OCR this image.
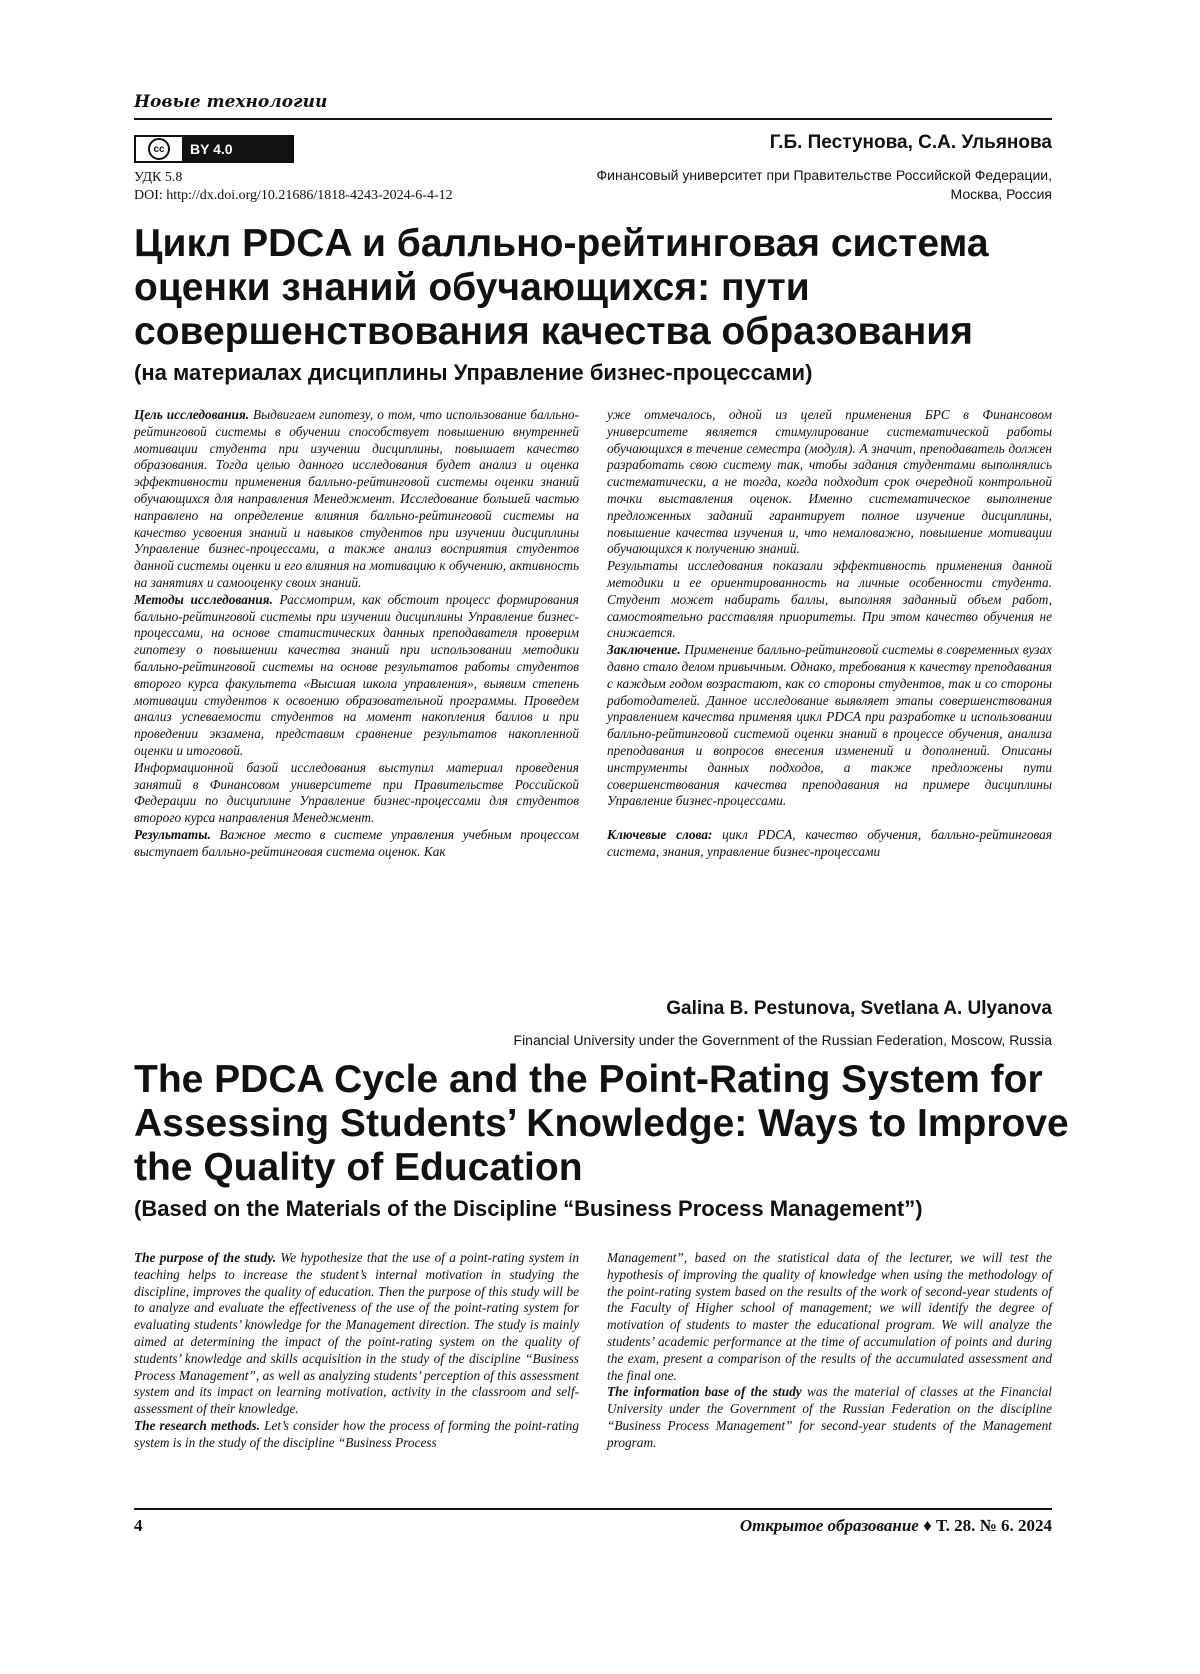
Новые технологии
cc	BY 4.0
УДК 5.8
DOI: http://dx.doi.org/10.21686/1818-4243-2024-6-4-12
Г.Б. Пестунова, С.А. Ульянова
Финансовый университет при Правительстве Российской Федерации,
Москва, Россия
Цикл PDCA и балльно-рейтинговая система оценки знаний обучающихся: пути совершенствования качества образования
(на материалах дисциплины Управление бизнес-процессами)

Цель исследования. Выдвигаем гипотезу, о том, что использование балльно-рейтинговой системы в обучении способствует повышению внутренней мотивации студента при изучении дисциплины, повышает качество образования. Тогда целью данного исследования будет анализ и оценка эффективности применения балльно-рейтинговой системы оценки знаний обучающихся для направления Менеджмент. Исследование большей частью направлено на определение влияния балльно-рейтинговой системы на качество усвоения знаний и навыков студентов при изучении дисциплины Управление бизнес-процессами, а также анализ восприятия студентов данной системы оценки и его влияния на мотивацию к обучению, активность на занятиях и самооценку своих знаний.

Методы исследования. Рассмотрим, как обстоит процесс формирования балльно-рейтинговой системы при изучении дисциплины Управление бизнес-процессами, на основе статистических данных преподавателя проверим гипотезу о повышении качества знаний при использовании методики балльно-рейтинговой системы на основе результатов работы студентов второго курса факультета «Высшая школа управления», выявим степень мотивации студентов к освоению образовательной программы. Проведем анализ успеваемости студентов на момент накопления баллов и при проведении экзамена, представим сравнение результатов накопленной оценки и итоговой.

Информационной базой исследования выступил материал проведения занятий в Финансовом университете при Правительстве Российской Федерации по дисциплине Управление бизнес-процессами для студентов второго курса направления Менеджмент.

Результаты. Важное место в системе управления учебным процессом выступает балльно-рейтинговая система оценок. Как

уже отмечалось, одной из целей применения БРС в Финансовом университете является стимулирование систематической работы обучающихся в течение семестра (модуля). А значит, преподаватель должен разработать свою систему так, чтобы задания студентами выполнялись систематически, а не тогда, когда подходит срок очередной контрольной точки выставления оценок. Именно систематическое выполнение предложенных заданий гарантирует полное изучение дисциплины, повышение качества изучения и, что немаловажно, повышение мотивации обучающихся к получению знаний.

Результаты исследования показали эффективность применения данной методики и ее ориентированность на личные особенности студента. Студент может набирать баллы, выполняя заданный объем работ, самостоятельно расставляя приоритеты. При этом качество обучения не снижается.

Заключение. Применение балльно-рейтинговой системы в современных вузах давно стало делом привычным. Однако, требования к качеству преподавания с каждым годом возрастают, как со стороны студентов, так и со стороны работодателей. Данное исследование выявляет этапы совершенствования управлением качества применяя цикл PDCA при разработке и использовании балльно-рейтинговой системой оценки знаний в процессе обучения, анализа преподавания и вопросов внесения изменений и дополнений. Описаны инструменты данных подходов, а также предложены пути совершенствования качества преподавания на примере дисциплины Управление бизнес-процессами.

Ключевые слова: цикл PDCA, качество обучения, балльно-рейтинговая система, знания, управление бизнес-процессами

Galina B. Pestunova, Svetlana A. Ulyanova
Financial University under the Government of the Russian Federation, Moscow, Russia
The PDCA Cycle and the Point-Rating System for Assessing Students’ Knowledge: Ways to Improve the Quality of Education
(Based on the Materials of the Discipline “Business Process Management”)

The purpose of the study. We hypothesize that the use of a point-rating system in teaching helps to increase the student’s internal motivation in studying the discipline, improves the quality of education. Then the purpose of this study will be to analyze and evaluate the effectiveness of the use of the point-rating system for evaluating students’ knowledge for the Management direction. The study is mainly aimed at determining the impact of the point-rating system on the quality of students’ knowledge and skills acquisition in the study of the discipline “Business Process Management”, as well as analyzing students’ perception of this assessment system and its impact on learning motivation, activity in the classroom and self-assessment of their knowledge.

The research methods. Let’s consider how the process of forming the point-rating system is in the study of the discipline “Business Process

Management”, based on the statistical data of the lecturer, we will test the hypothesis of improving the quality of knowledge when using the methodology of the point-rating system based on the results of the work of second-year students of the Faculty of Higher school of management; we will identify the degree of motivation of students to master the educational program. We will analyze the students’ academic performance at the time of accumulation of points and during the exam, present a comparison of the results of the accumulated assessment and the final one.

The information base of the study was the material of classes at the Financial University under the Government of the Russian Federation on the discipline “Business Process Management” for second-year students of the Management program.

4	Открытое образование ♦ Т. 28. № 6. 2024
